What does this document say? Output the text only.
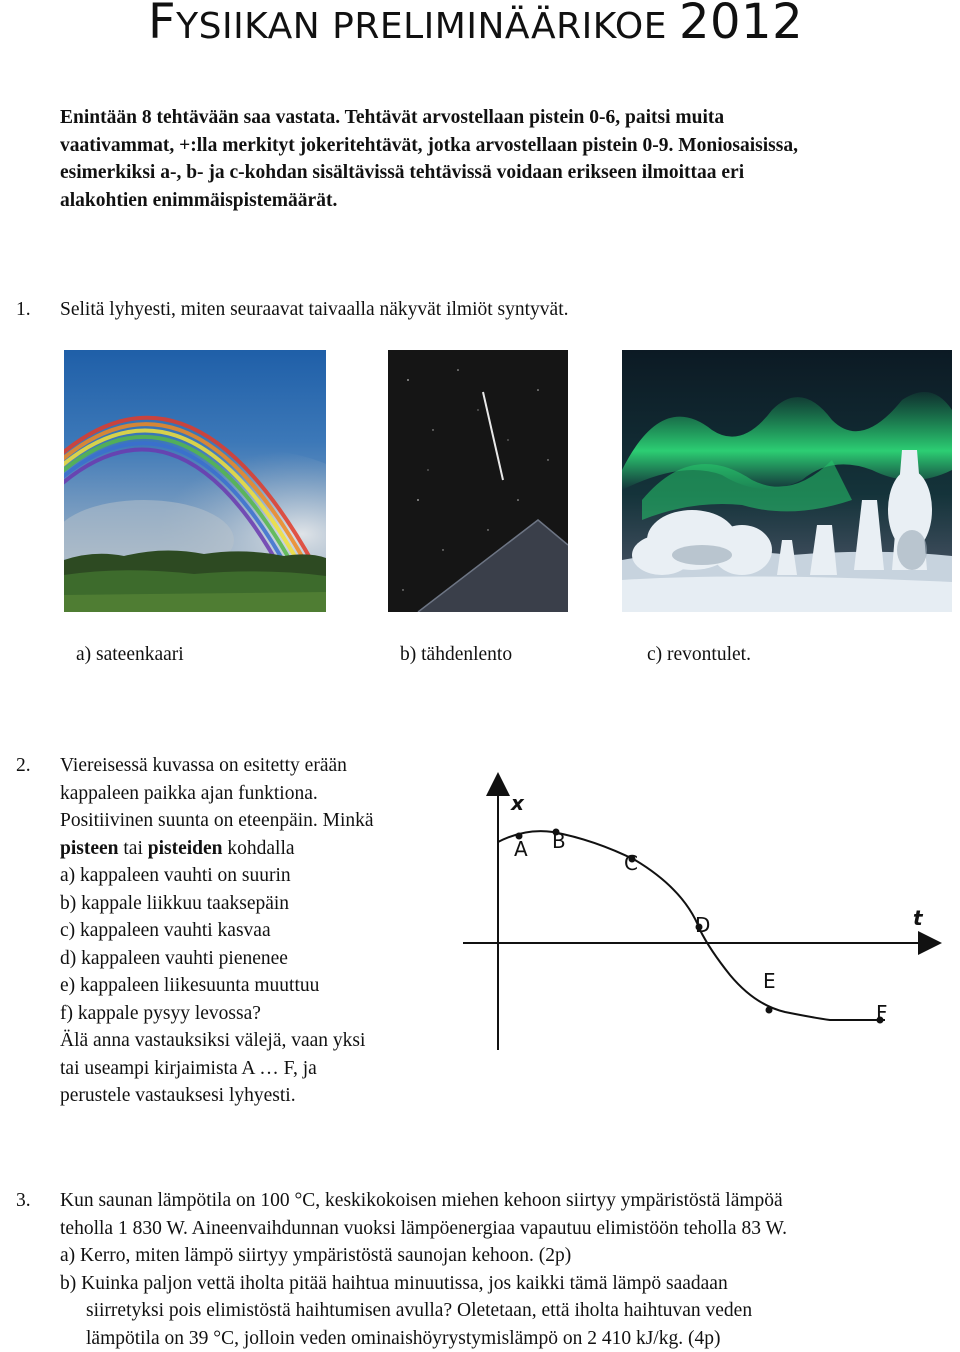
FYSIIKAN PRELIMINÄÄRIKOE 2012
Enintään 8 tehtävään saa vastata. Tehtävät arvostellaan pistein 0-6, paitsi muita
vaativammat, +:lla merkityt jokeritehtävät, jotka arvostellaan pistein 0-9. Moniosaisissa,
esimerkiksi a-, b- ja c-kohdan sisältävissä tehtävissä voidaan erikseen ilmoittaa eri
alakohtien enimmäispistemäärät.
1. Selitä lyhyesti, miten seuraavat taivaalla näkyvät ilmiöt syntyvät.
a) sateenkaari	b) tähdenlento	c) revontulet.
2. Viereisessä kuvassa on esitetty erään
kappaleen paikka ajan funktiona.
Positiivinen suunta on eteenpäin. Minkä
pisteen tai pisteiden kohdalla
a) kappaleen vauhti on suurin
b) kappale liikkuu taaksepäin
c) kappaleen vauhti kasvaa
d) kappaleen vauhti pienenee
e) kappaleen liikesuunta muuttuu
f) kappale pysyy levossa?
Älä anna vastauksiksi välejä, vaan yksi
tai useampi kirjaimista A … F, ja
perustele vastauksesi lyhyesti.
x
t
A B
C
D
E
F
3. Kun saunan lämpötila on 100 °C, keskikokoisen miehen kehoon siirtyy ympäristöstä lämpöä
teholla 1 830 W. Aineenvaihdunnan vuoksi lämpöenergiaa vapautuu elimistöön teholla 83 W.
a) Kerro, miten lämpö siirtyy ympäristöstä saunojan kehoon. (2p)
b) Kuinka paljon vettä iholta pitää haihtua minuutissa, jos kaikki tämä lämpö saadaan
siirretyksi pois elimistöstä haihtumisen avulla? Oletetaan, että iholta haihtuvan veden
lämpötila on 39 °C, jolloin veden ominaishöyrystymislämpö on 2 410 kJ/kg. (4p)
